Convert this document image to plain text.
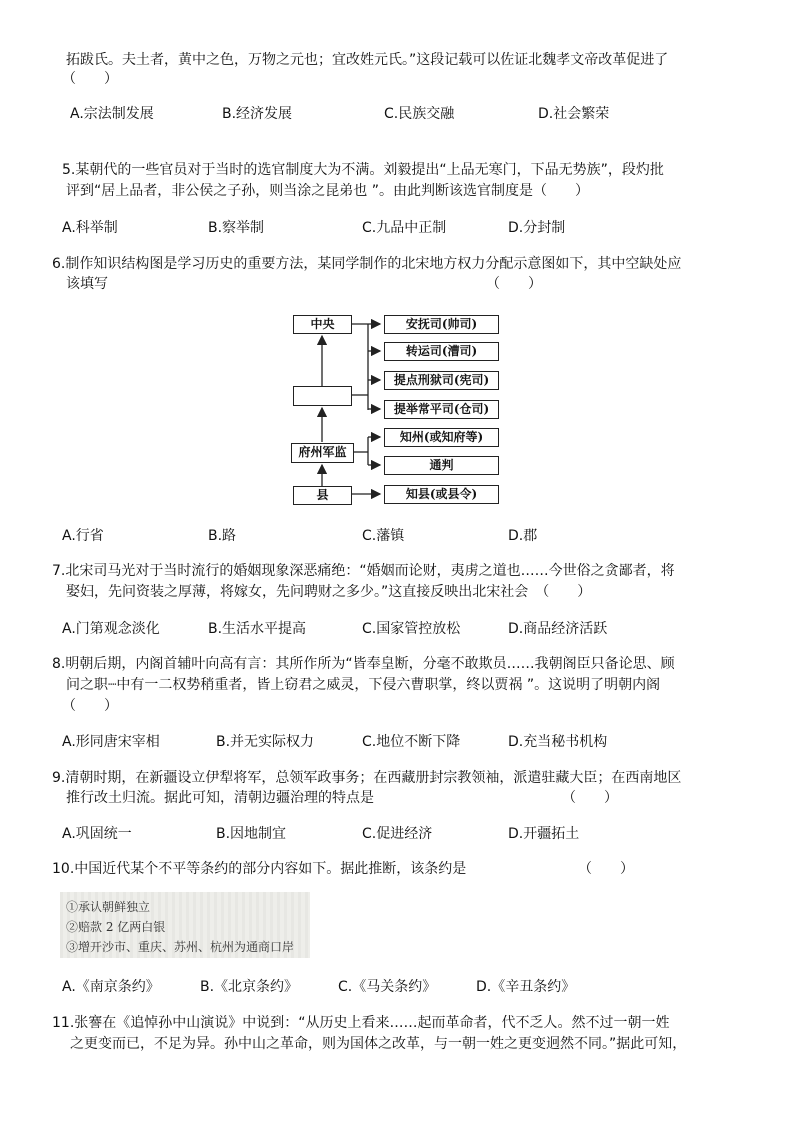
拓跋氏。夫土者，黄中之色，万物之元也；宜改姓元氏。”这段记载可以佐证北魏孝文帝改革促进了
（　　）
A.宗法制发展	B.经济发展	C.民族交融	D.社会繁荣
5.某朝代的一些官员对于当时的选官制度大为不满。刘毅提出“上品无寒门，下品无势族”，段灼批
评到“居上品者，非公侯之子孙，则当涂之昆弟也 ”。由此判断该选官制度是（　　）
A.科举制	B.察举制	C.九品中正制	D.分封制
6.制作知识结构图是学习历史的重要方法，某同学制作的北宋地方权力分配示意图如下，其中空缺处应
该填写	（　　）
中央
府州军监
县
安抚司(帅司)
转运司(漕司)
提点刑狱司(宪司)
提举常平司(仓司)
知州(或知府等)
通判
知县(或县令)
A.行省	B.路	C.藩镇	D.郡
7.北宋司马光对于当时流行的婚姻现象深恶痛绝：“婚姻而论财，夷虏之道也……今世俗之贪鄙者，将
娶妇，先问资装之厚薄，将嫁女，先问聘财之多少。”这直接反映出北宋社会　（　　）
A.门第观念淡化	B.生活水平提高	C.国家管控放松	D.商品经济活跃
8.明朝后期，内阁首辅叶向高有言：其所作所为“皆奉皇断，分毫不敢欺员……我朝阁臣只备论思、顾
问之职┈中有一二权势稍重者，皆上窃君之威灵，下侵六曹职掌，终以贾祸 ”。这说明了明朝内阁
（　　）
A.形同唐宋宰相	B.并无实际权力	C.地位不断下降	D.充当秘书机构
9.清朝时期，在新疆设立伊犁将军，总领军政事务；在西藏册封宗教领袖，派遣驻藏大臣；在西南地区
推行改土归流。据此可知，清朝边疆治理的特点是	（　　）
A.巩固统一	B.因地制宜	C.促进经济	D.开疆拓土
10.中国近代某个不平等条约的部分内容如下。据此推断，该条约是	（　　）
①承认朝鲜独立
②赔款 2 亿两白银
③增开沙市、重庆、苏州、杭州为通商口岸
A.《南京条约》	B.《北京条约》	C.《马关条约》	D.《辛丑条约》
11.张謇在《追悼孙中山演说》中说到：“从历史上看来……起而革命者，代不乏人。然不过一朝一姓
之更变而已，不足为异。孙中山之革命，则为国体之改革，与一朝一姓之更变迥然不同。”据此可知，
